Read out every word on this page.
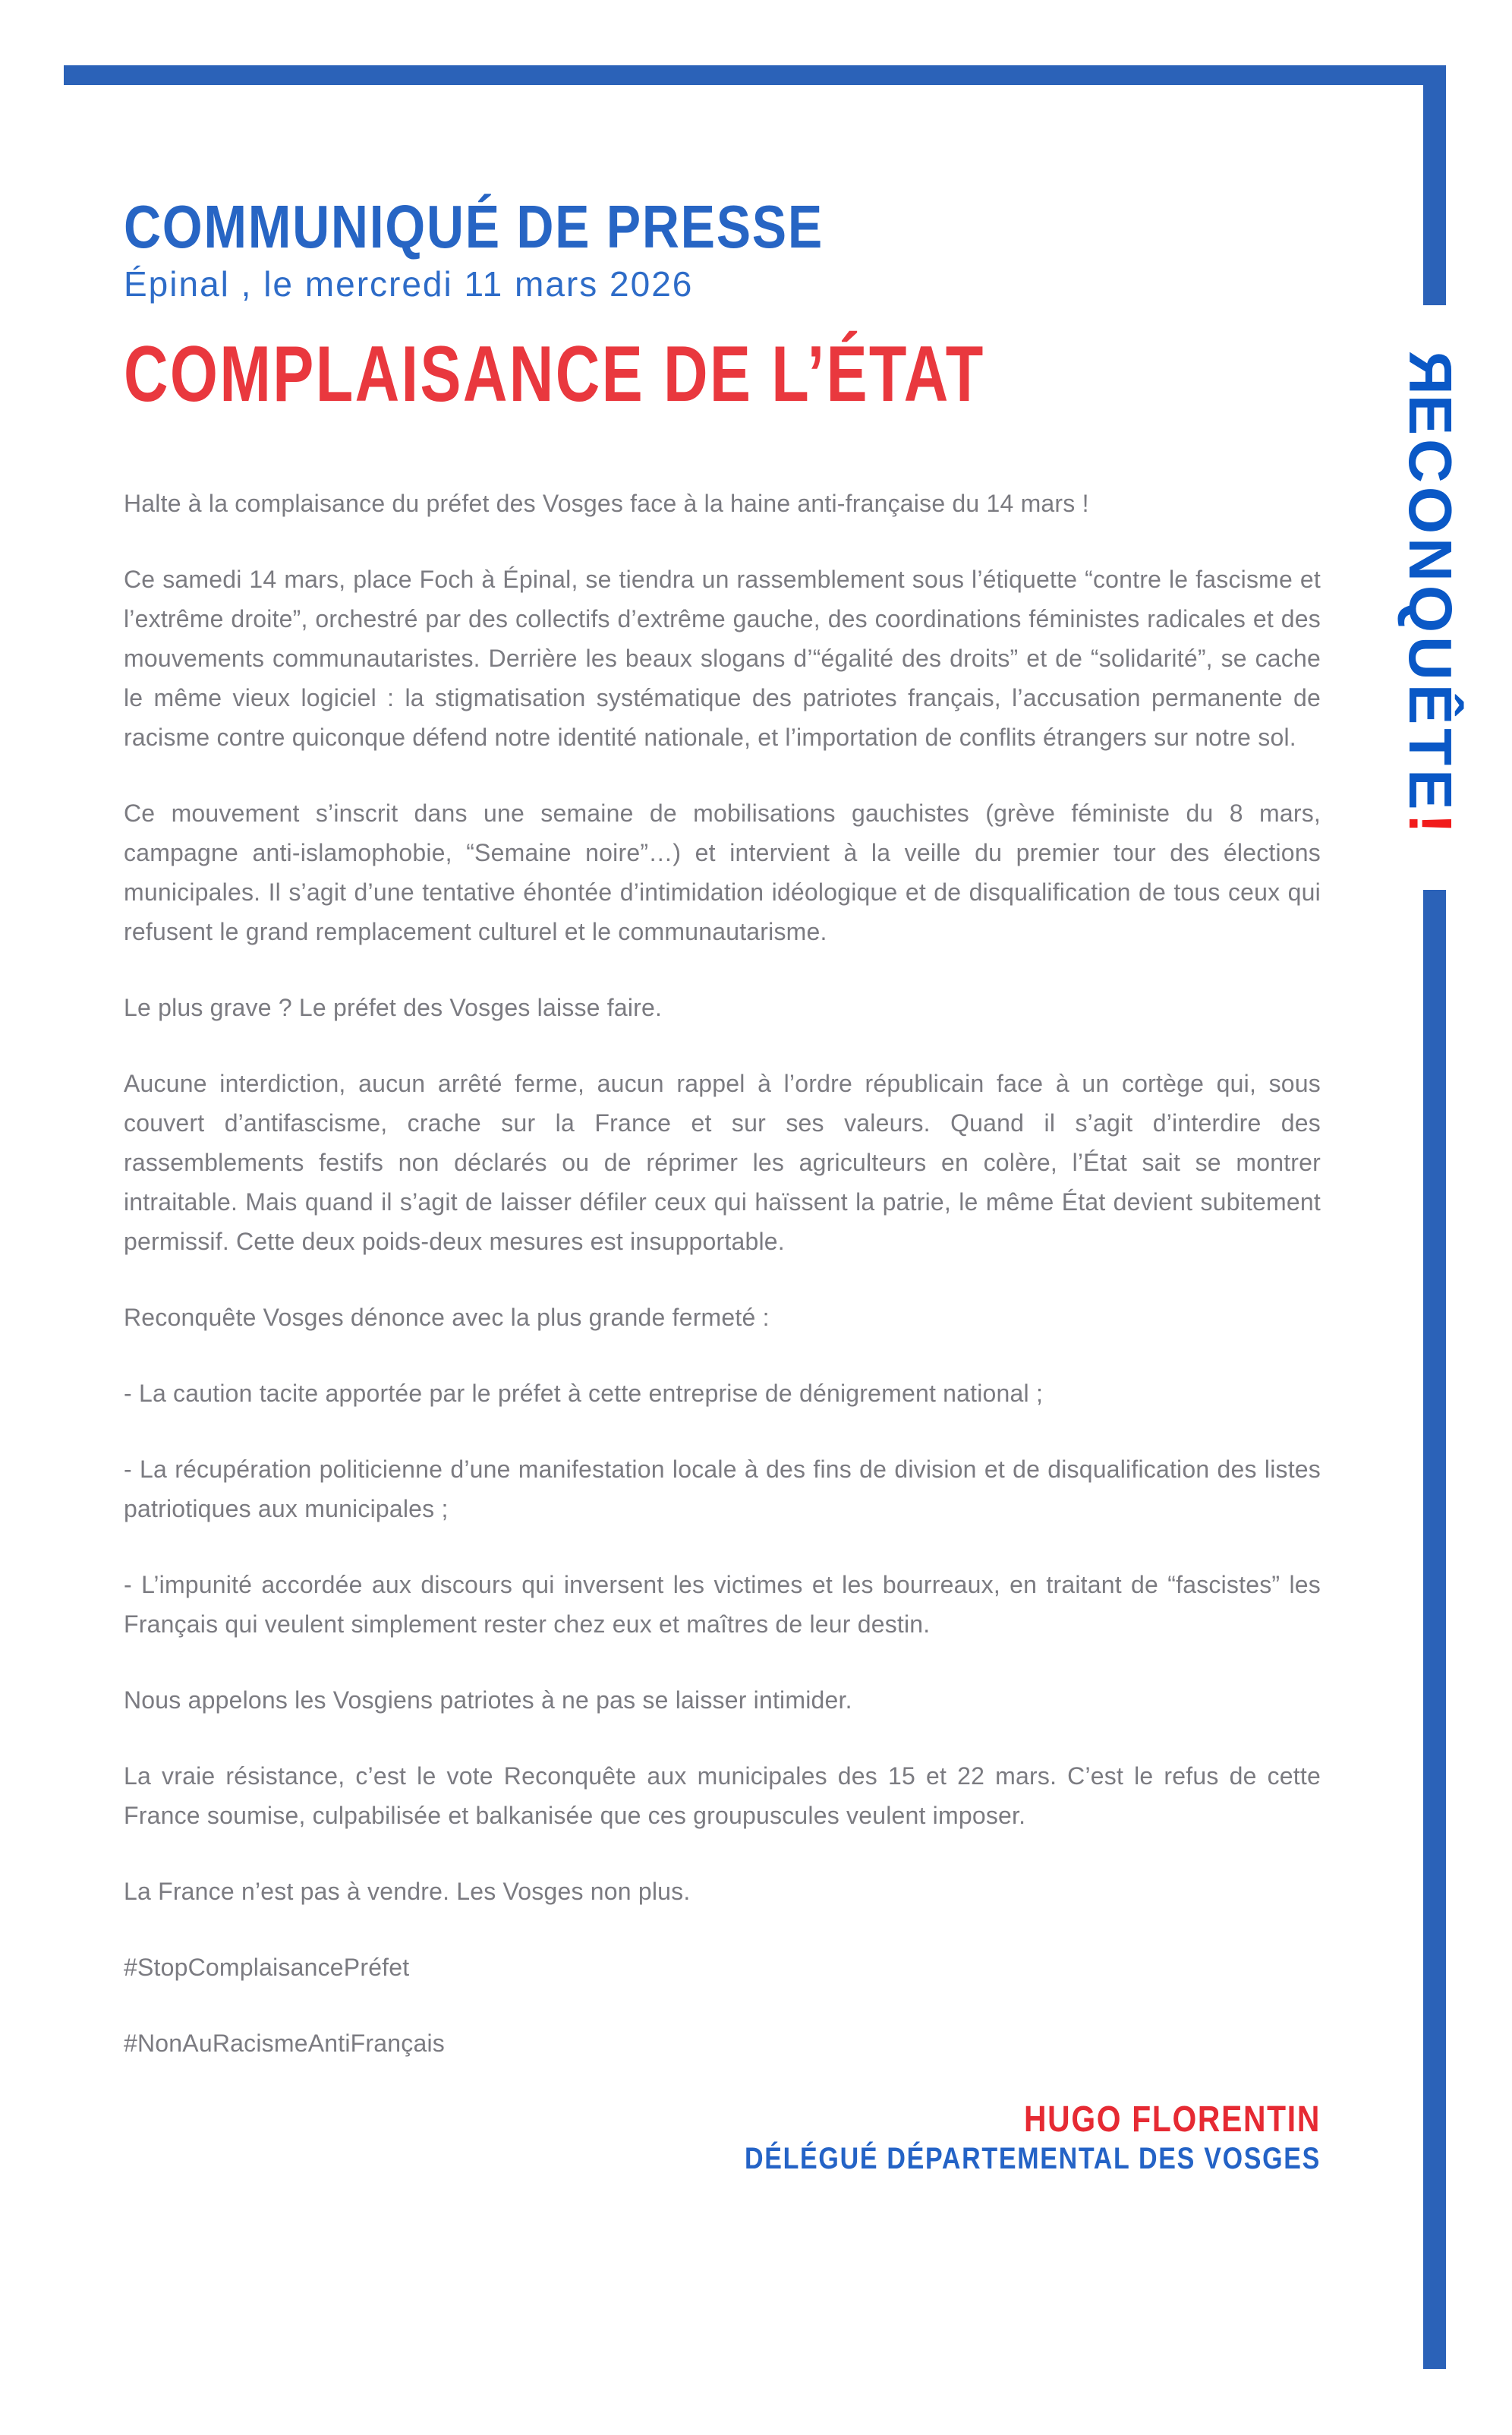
RECONQUÊTE!
COMMUNIQUÉ DE PRESSE
Épinal , le mercredi 11 mars 2026
COMPLAISANCE DE L’ÉTAT

Halte à la complaisance du préfet des Vosges face à la haine anti-française du 14 mars !

Ce samedi 14 mars, place Foch à Épinal, se tiendra un rassemblement sous l’étiquette “contre le fascisme et l’extrême droite”, orchestré par des collectifs d’extrême gauche, des coordinations féministes radicales et des mouvements communautaristes. Derrière les beaux slogans d’“égalité des droits” et de “solidarité”, se cache le même vieux logiciel : la stigmatisation systématique des patriotes français, l’accusation permanente de racisme contre quiconque défend notre identité nationale, et l’importation de conflits étrangers sur notre sol.

Ce mouvement s’inscrit dans une semaine de mobilisations gauchistes (grève féministe du 8 mars, campagne anti-islamophobie, “Semaine noire”…) et intervient à la veille du premier tour des élections municipales. Il s’agit d’une tentative éhontée d’intimidation idéologique et de disqualification de tous ceux qui refusent le grand remplacement culturel et le communautarisme.

Le plus grave ? Le préfet des Vosges laisse faire.

Aucune interdiction, aucun arrêté ferme, aucun rappel à l’ordre républicain face à un cortège qui, sous couvert d’antifascisme, crache sur la France et sur ses valeurs. Quand il s’agit d’interdire des rassemblements festifs non déclarés ou de réprimer les agriculteurs en colère, l’État sait se montrer intraitable. Mais quand il s’agit de laisser défiler ceux qui haïssent la patrie, le même État devient subitement permissif. Cette deux poids-deux mesures est insupportable.

Reconquête Vosges dénonce avec la plus grande fermeté :

- La caution tacite apportée par le préfet à cette entreprise de dénigrement national ;

- La récupération politicienne d’une manifestation locale à des fins de division et de disqualification des listes patriotiques aux municipales ;

- L’impunité accordée aux discours qui inversent les victimes et les bourreaux, en traitant de “fascistes” les Français qui veulent simplement rester chez eux et maîtres de leur destin.

Nous appelons les Vosgiens patriotes à ne pas se laisser intimider.

La vraie résistance, c’est le vote Reconquête aux municipales des 15 et 22 mars. C’est le refus de cette France soumise, culpabilisée et balkanisée que ces groupuscules veulent imposer.

La France n’est pas à vendre. Les Vosges non plus.

#StopComplaisancePréfet

#NonAuRacismeAntiFrançais

HUGO FLORENTIN
DÉLÉGUÉ DÉPARTEMENTAL DES VOSGES
